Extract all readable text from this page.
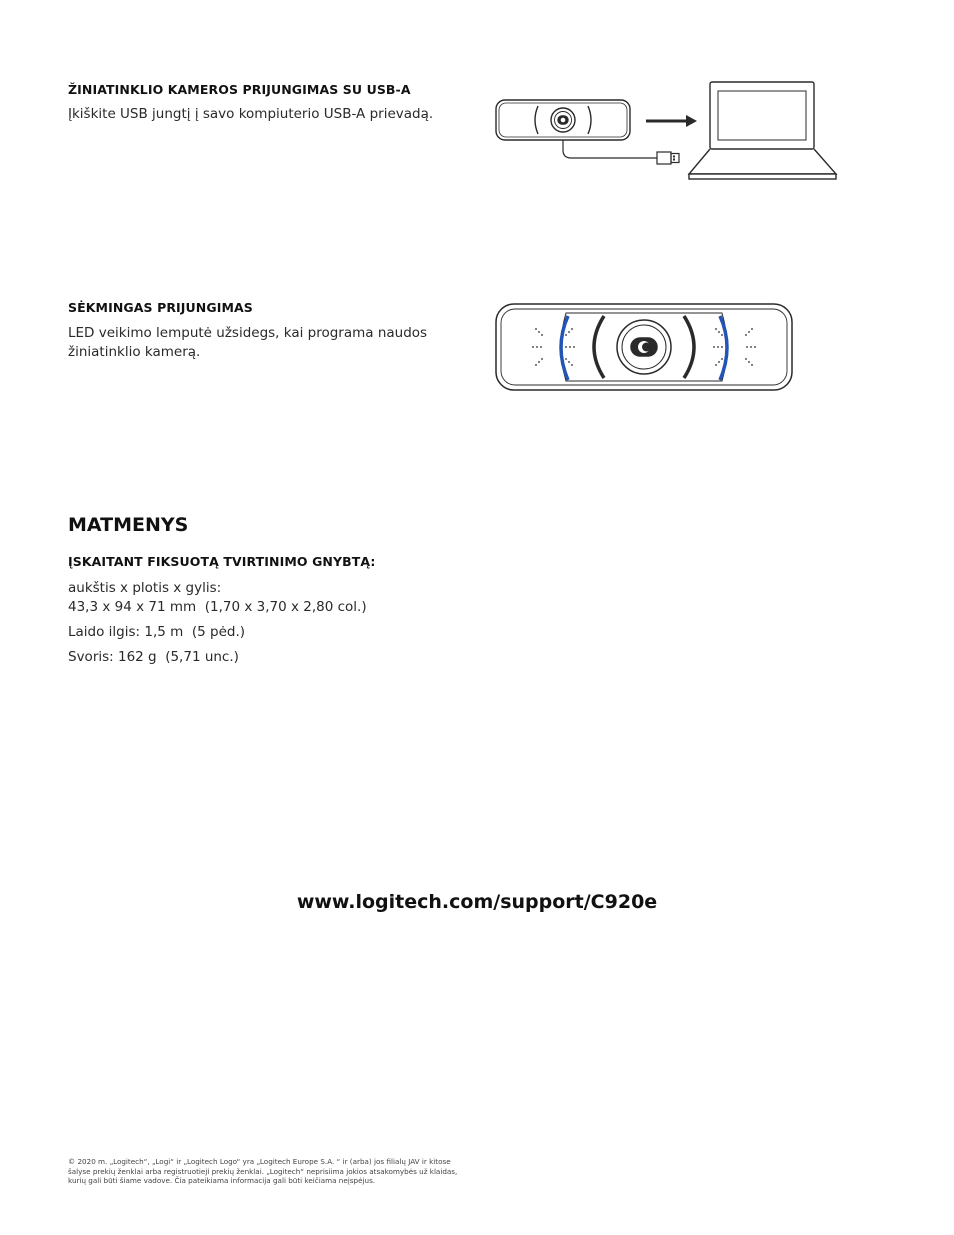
ŽINIATINKLIO KAMEROS PRIJUNGIMAS SU USB-A
Įkiškite USB jungtį į savo kompiuterio USB-A prievadą.
SĖKMINGAS PRIJUNGIMAS
LED veikimo lemputė užsidegs, kai programa naudos žiniatinklio kamerą.
MATMENYS
ĮSKAITANT FIKSUOTĄ TVIRTINIMO GNYBTĄ:
aukštis x plotis x gylis:
43,3 x 94 x 71 mm  (1,70 x 3,70 x 2,80 col.)
Laido ilgis: 1,5 m  (5 pėd.)
Svoris: 162 g  (5,71 unc.)
www.logitech.com/support/C920e
© 2020 m. „Logitech“, „Logi“ ir „Logitech Logo“ yra „Logitech Europe S.A. “ ir (arba) jos filialų JAV ir kitose šalyse prekių ženklai arba registruotieji prekių ženklai. „Logitech“ neprisiima jokios atsakomybės už klaidas, kurių gali būti šiame vadove. Čia pateikiama informacija gali būti keičiama neįspėjus.
